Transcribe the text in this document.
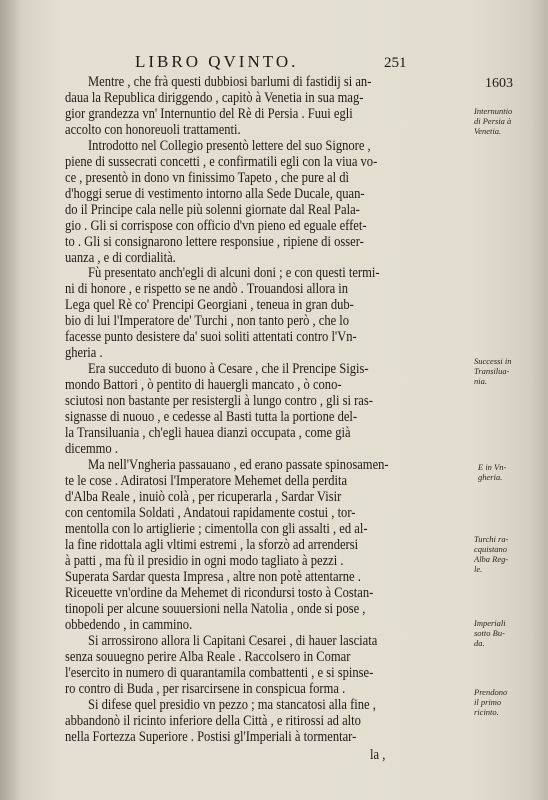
LIBRO QVINTO.	251
1603
Mentre , che frà questi dubbiosi barlumi di fastidij si an-
daua la Republica diriggendo , capitò à Venetia in sua mag-
gior grandezza vn' Internuntio del Rè di Persia . Fuui egli
accolto con honoreuoli trattamenti.
Introdotto nel Collegio presentò lettere del suo Signore ,
piene di sussecrati concetti , e confirmatili egli con la viua vo-
ce , presentò in dono vn finissimo Tapeto , che pure al dì
d'hoggi serue di vestimento intorno alla Sede Ducale, quan-
do il Principe cala nelle più solenni giornate dal Real Pala-
gio . Gli si corrispose con officio d'vn pieno ed eguale effet-
to . Gli si consignarono lettere responsiue , ripiene di osser-
uanza , e di cordialità.
Fù presentato anch'egli di alcuni doni ; e con questi termi-
ni di honore , e rispetto se ne andò . Trouandosi allora in
Lega quel Rè co' Prencipi Georgiani , teneua in gran dub-
bio di lui l'Imperatore de' Turchi , non tanto però , che lo
facesse punto desistere da' suoi soliti attentati contro l'Vn-
gheria .
Era succeduto di buono à Cesare , che il Prencipe Sigis-
mondo Battori , ò pentito di hauergli mancato , ò cono-
sciutosi non bastante per resistergli à lungo contro , gli si ras-
signasse di nuouo , e cedesse al Basti tutta la portione del-
la Transiluania , ch'egli hauea dianzi occupata , come già
dicemmo .
Ma nell'Vngheria passauano , ed erano passate spinosamen-
te le cose . Adiratosi l'Imperatore Mehemet della perdita
d'Alba Reale , inuiò colà , per ricuperarla , Sardar Visir
con centomila Soldati , Andatoui rapidamente costui , tor-
mentolla con lo artiglierie ; cimentolla con gli assalti , ed al-
la fine ridottala agli vltimi estremi , la sforzò ad arrendersi
à patti , ma fù il presidio in ogni modo tagliato à pezzi .
Superata Sardar questa Impresa , altre non potè attentarne .
Riceuette vn'ordine da Mehemet di ricondursi tosto à Costan-
tinopoli per alcune souuersioni nella Natolia , onde si pose ,
obbedendo , in cammino.
Si arrossirono allora li Capitani Cesarei , di hauer lasciata
senza souuegno perire Alba Reale . Raccolsero in Comar
l'esercito in numero di quarantamila combattenti , e si spinse-
ro contro di Buda , per risarcirsene in conspicua forma .
Si difese quel presidio vn pezzo ; ma stancatosi alla fine ,
abbandonò il ricinto inferiore della Città , e ritirossi ad alto
nella Fortezza Superiore . Postisi gl'Imperiali à tormentar-
la ,
Internuntio
di Persia à
Venetia.
Successi in
Transilua-
nia.
E in Vn-
gheria.
Turchi ra-
cquistano
Alba Reg-
le.
Imperiali
sotto Bu-
da.
Prendono
il primo
ricinto.
